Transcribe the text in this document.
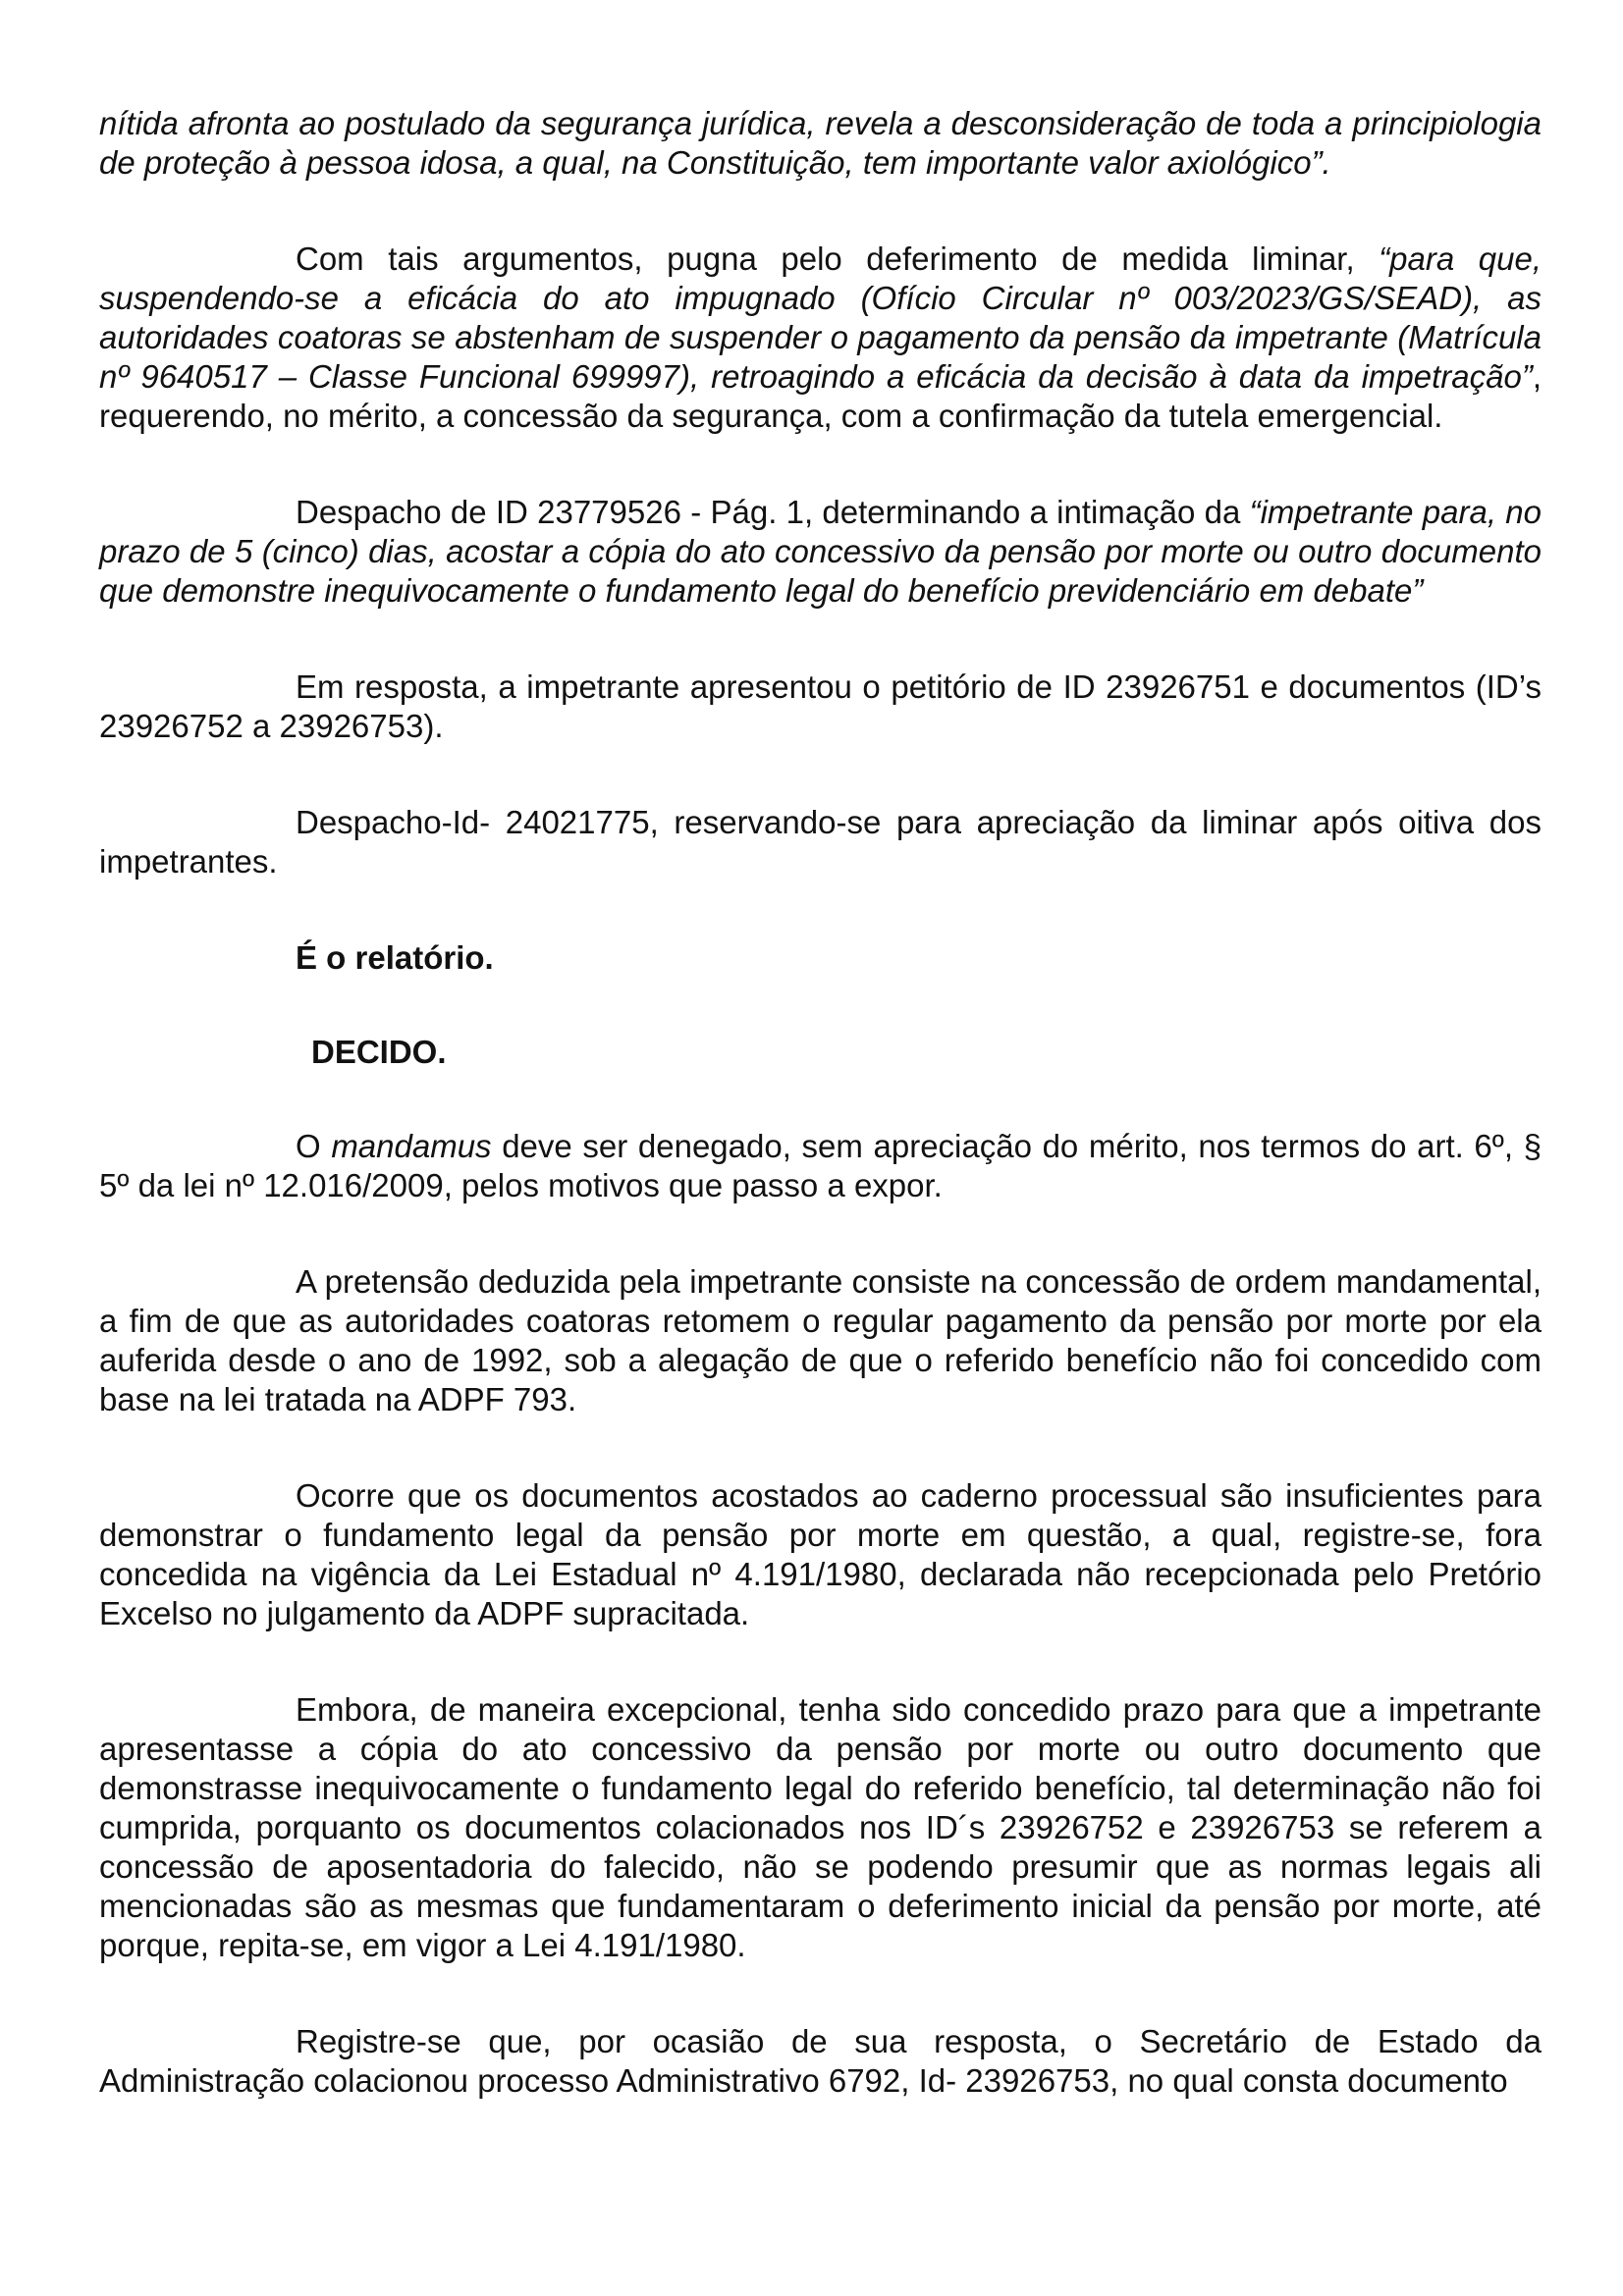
nítida afronta ao postulado da segurança jurídica, revela a desconsideração de toda a principiologia de proteção à pessoa idosa, a qual, na Constituição, tem importante valor axiológico”.

Com tais argumentos, pugna pelo deferimento de medida liminar, “para que, suspendendo-se a eficácia do ato impugnado (Ofício Circular nº 003/2023/GS/SEAD), as autoridades coatoras se abstenham de suspender o pagamento da pensão da impetrante (Matrícula nº 9640517 – Classe Funcional 699997), retroagindo a eficácia da decisão à data da impetração”, requerendo, no mérito, a concessão da segurança, com a confirmação da tutela emergencial.

Despacho de ID 23779526 - Pág. 1, determinando a intimação da “impetrante para, no prazo de 5 (cinco) dias, acostar a cópia do ato concessivo da pensão por morte ou outro documento que demonstre inequivocamente o fundamento legal do benefício previdenciário em debate”

Em resposta, a impetrante apresentou o petitório de ID 23926751 e documentos (ID’s 23926752 a 23926753).

Despacho-Id- 24021775, reservando-se para apreciação da liminar após oitiva dos impetrantes.

É o relatório.

DECIDO.

O mandamus deve ser denegado, sem apreciação do mérito, nos termos do art. 6º, § 5º da lei nº 12.016/2009, pelos motivos que passo a expor.

A pretensão deduzida pela impetrante consiste na concessão de ordem mandamental, a fim de que as autoridades coatoras retomem o regular pagamento da pensão por morte por ela auferida desde o ano de 1992, sob a alegação de que o referido benefício não foi concedido com base na lei tratada na ADPF 793.

Ocorre que os documentos acostados ao caderno processual são insuficientes para demonstrar o fundamento legal da pensão por morte em questão, a qual, registre-se, fora concedida na vigência da Lei Estadual nº 4.191/1980, declarada não recepcionada pelo Pretório Excelso no julgamento da ADPF supracitada.

Embora, de maneira excepcional, tenha sido concedido prazo para que a impetrante apresentasse a cópia do ato concessivo da pensão por morte ou outro documento que demonstrasse inequivocamente o fundamento legal do referido benefício, tal determinação não foi cumprida, porquanto os documentos colacionados nos ID´s 23926752 e 23926753 se referem a concessão de aposentadoria do falecido, não se podendo presumir que as normas legais ali mencionadas são as mesmas que fundamentaram o deferimento inicial da pensão por morte, até porque, repita-se, em vigor a Lei 4.191/1980.

Registre-se que, por ocasião de sua resposta, o Secretário de Estado da Administração colacionou processo Administrativo 6792, Id- 23926753, no qual consta documento
